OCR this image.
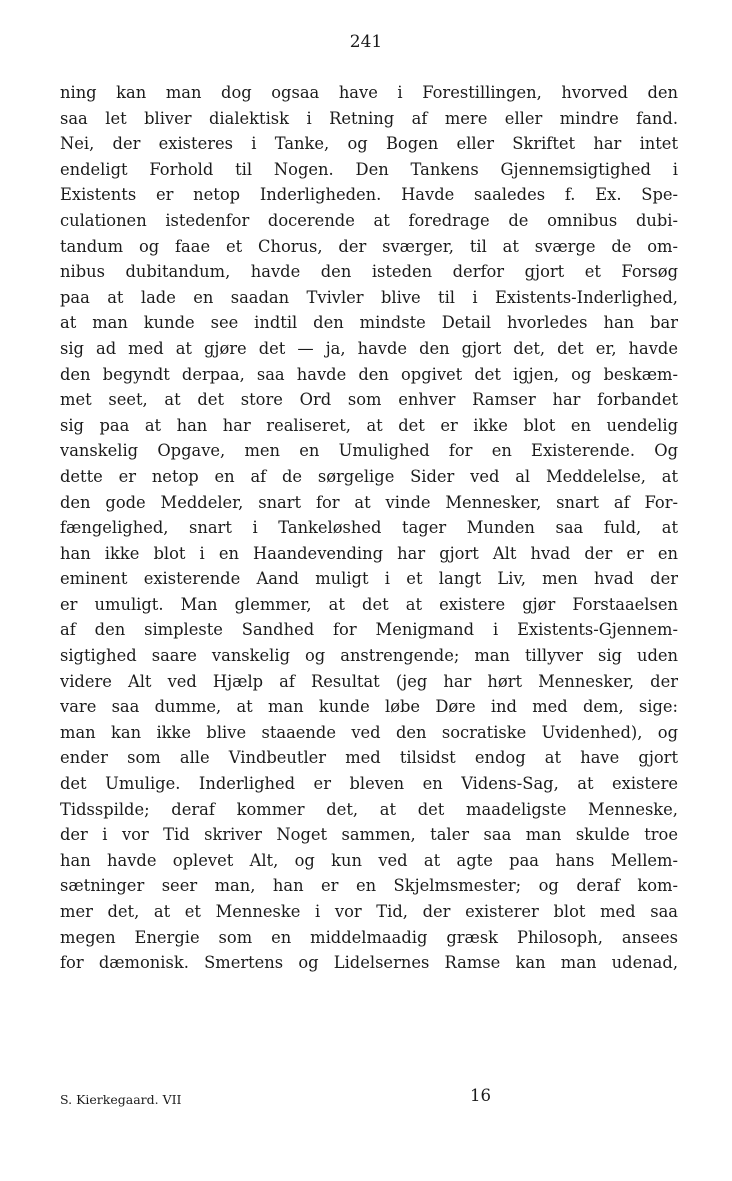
241
ning kan man dog ogsaa have i Forestillingen, hvorved den
saa let bliver dialektisk i Retning af mere eller mindre fand.
Nei, der existeres i Tanke, og Bogen eller Skriftet har intet
endeligt Forhold til Nogen. Den Tankens Gjennemsigtighed i
Existents er netop Inderligheden. Havde saaledes f. Ex. Spe-
culationen istedenfor docerende at foredrage de omnibus dubi-
tandum og faae et Chorus, der sværger, til at sværge de om-
nibus dubitandum, havde den isteden derfor gjort et Forsøg
paa at lade en saadan Tvivler blive til i Existents-Inderlighed,
at man kunde see indtil den mindste Detail hvorledes han bar
sig ad med at gjøre det — ja, havde den gjort det, det er, havde
den begyndt derpaa, saa havde den opgivet det igjen, og beskæm-
met seet, at det store Ord som enhver Ramser har forbandet
sig paa at han har realiseret, at det er ikke blot en uendelig
vanskelig Opgave, men en Umulighed for en Existerende. Og
dette er netop en af de sørgelige Sider ved al Meddelelse, at
den gode Meddeler, snart for at vinde Mennesker, snart af For-
fængelighed, snart i Tankeløshed tager Munden saa fuld, at
han ikke blot i en Haandevending har gjort Alt hvad der er en
eminent existerende Aand muligt i et langt Liv, men hvad der
er umuligt. Man glemmer, at det at existere gjør Forstaaelsen
af den simpleste Sandhed for Menigmand i Existents-Gjennem-
sigtighed saare vanskelig og anstrengende; man tillyver sig uden
videre Alt ved Hjælp af Resultat (jeg har hørt Mennesker, der
vare saa dumme, at man kunde løbe Døre ind med dem, sige:
man kan ikke blive staaende ved den socratiske Uvidenhed), og
ender som alle Vindbeutler med tilsidst endog at have gjort
det Umulige. Inderlighed er bleven en Videns-Sag, at existere
Tidsspilde; deraf kommer det, at det maadeligste Menneske,
der i vor Tid skriver Noget sammen, taler saa man skulde troe
han havde oplevet Alt, og kun ved at agte paa hans Mellem-
sætninger seer man, han er en Skjelmsmester; og deraf kom-
mer det, at et Menneske i vor Tid, der existerer blot med saa
megen Energie som en middelmaadig græsk Philosoph, ansees
for dæmonisk. Smertens og Lidelsernes Ramse kan man udenad,
S. Kierkegaard. VII	16
